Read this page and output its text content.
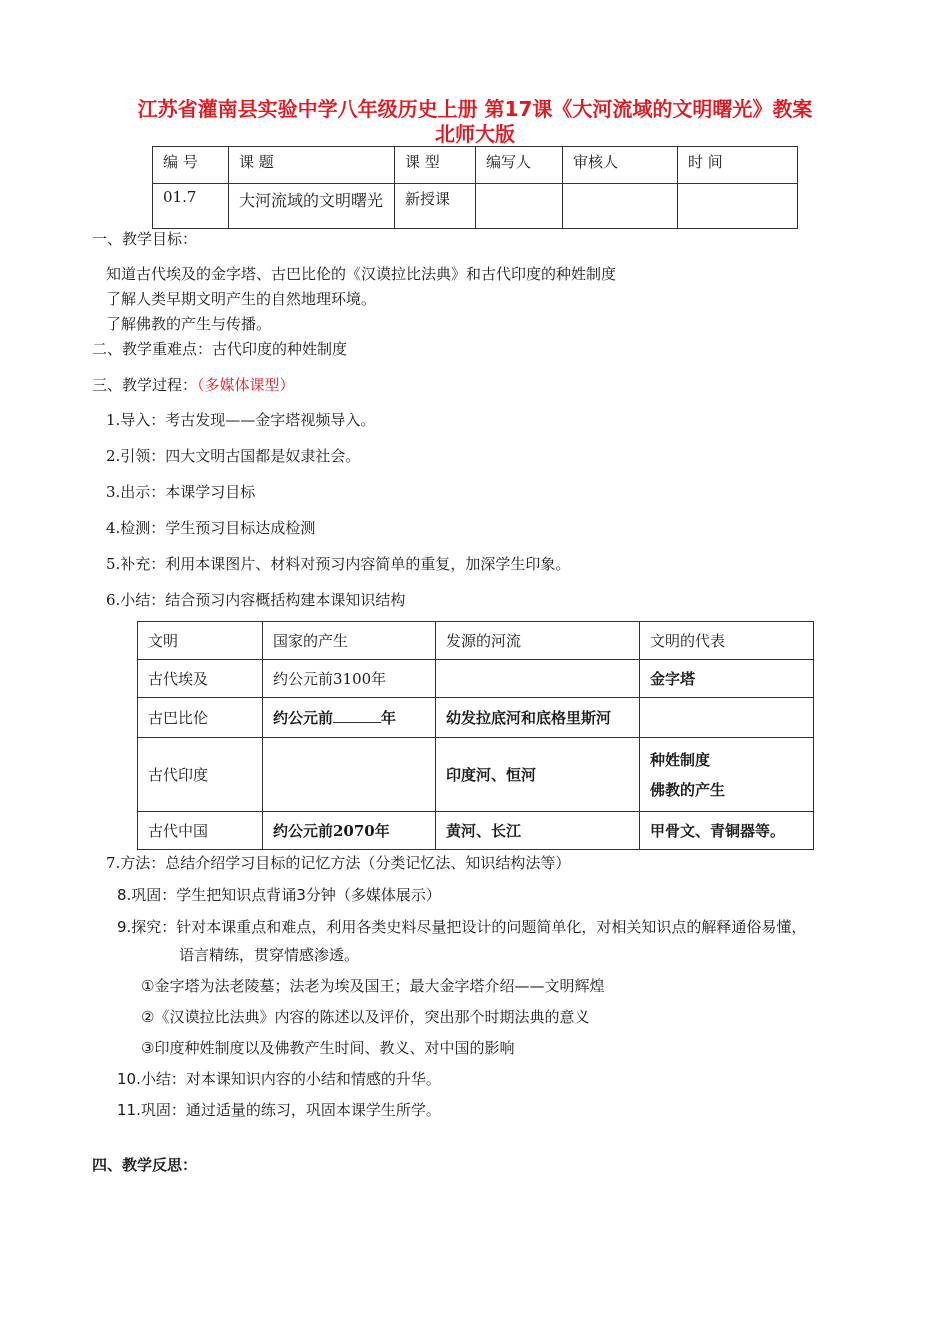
江苏省灌南县实验中学八年级历史上册 第17课《大河流域的文明曙光》教案
北师大版
编 号	课 题	课 型	编写人	审核人	时 间
01.7	大河流域的文明曙光	新授课			
一、教学目标：
知道古代埃及的金字塔、古巴比伦的《汉谟拉比法典》和古代印度的种姓制度
了解人类早期文明产生的自然地理环境。
了解佛教的产生与传播。
二、教学重难点：古代印度的种姓制度
三、教学过程：（多媒体课型）
1.导入：考古发现——金字塔视频导入。
2.引领：四大文明古国都是奴隶社会。
3.出示：本课学习目标
4.检测：学生预习目标达成检测
5.补充：利用本课图片、材料对预习内容简单的重复，加深学生印象。
6.小结：结合预习内容概括构建本课知识结构
文明	国家的产生	发源的河流	文明的代表
古代埃及	约公元前3100年		金字塔
古巴比伦	约公元前 年	幼发拉底河和底格里斯河	
古代印度		印度河、恒河	种姓制度
佛教的产生

古代中国	约公元前2070年	黄河、长江	甲骨文、青铜器等。
7.方法：总结介绍学习目标的记忆方法（分类记忆法、知识结构法等）
8.巩固：学生把知识点背诵3分钟（多媒体展示）
9.探究：针对本课重点和难点，利用各类史料尽量把设计的问题简单化，对相关知识点的解释通俗易懂，
语言精练，贯穿情感渗透。
①金字塔为法老陵墓；法老为埃及国王；最大金字塔介绍——文明辉煌
②《汉谟拉比法典》内容的陈述以及评价，突出那个时期法典的意义
③印度种姓制度以及佛教产生时间、教义、对中国的影响
10.小结：对本课知识内容的小结和情感的升华。
11.巩固：通过适量的练习，巩固本课学生所学。
四、教学反思：
